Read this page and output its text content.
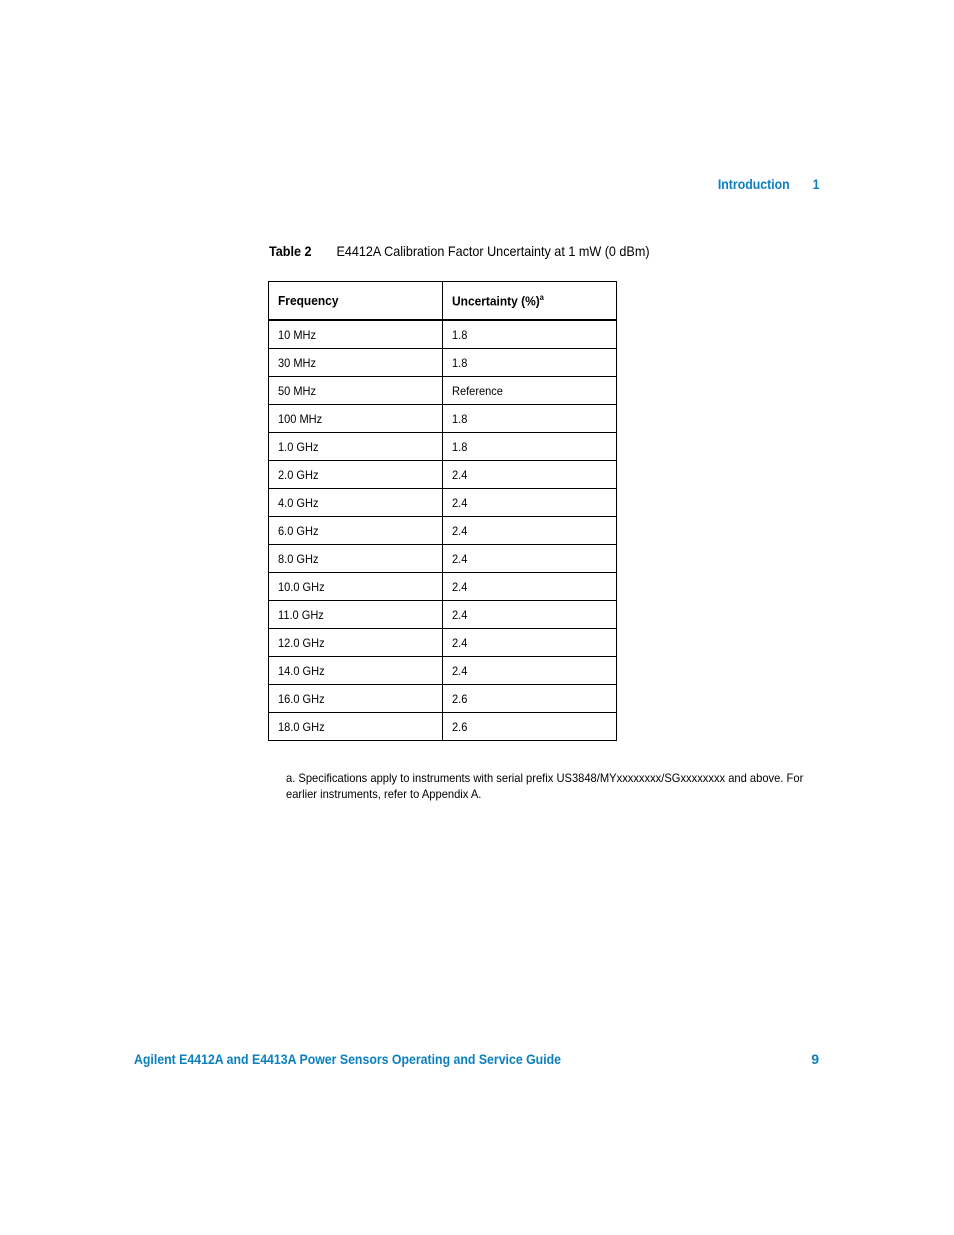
Introduction 1
Table 2	E4412A Calibration Factor Uncertainty at 1 mW (0 dBm)
Frequency	Uncertainty (%)$^a$
10 MHz	1.8
30 MHz	1.8
50 MHz	Reference
100 MHz	1.8
1.0 GHz	1.8
2.0 GHz	2.4
4.0 GHz	2.4
6.0 GHz	2.4
8.0 GHz	2.4
10.0 GHz	2.4
11.0 GHz	2.4
12.0 GHz	2.4
14.0 GHz	2.4
16.0 GHz	2.6
18.0 GHz	2.6
a. Specifications apply to instruments with serial prefix US3848/MYxxxxxxxx/SGxxxxxxxx and above. For earlier instruments, refer to Appendix A.
Agilent E4412A and E4413A Power Sensors Operating and Service Guide	9
